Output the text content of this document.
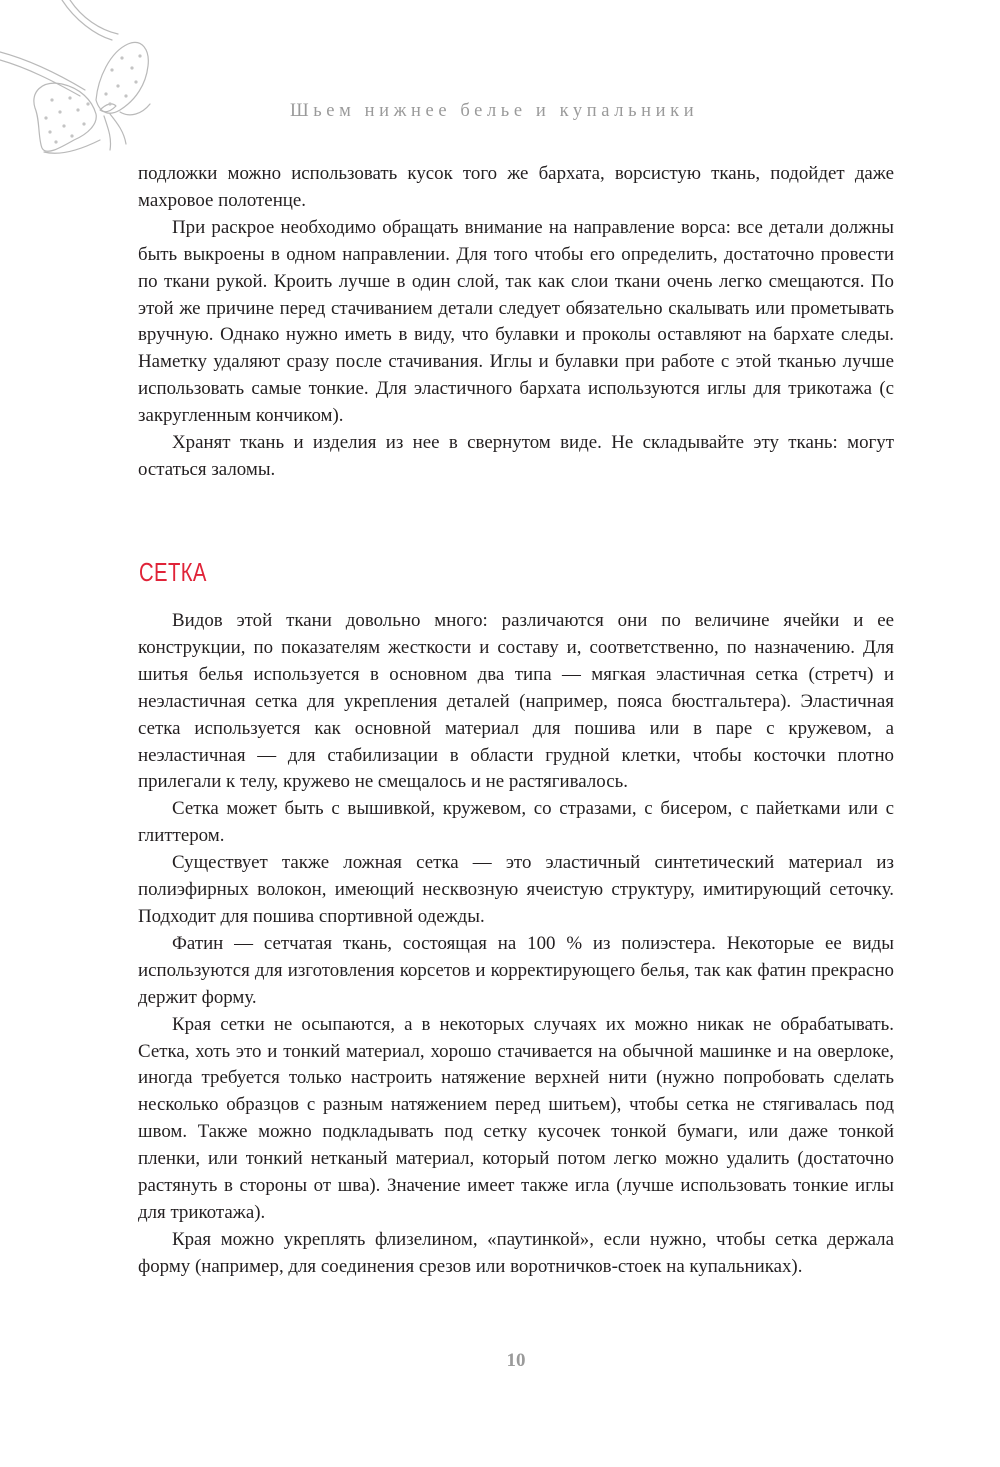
Шьем нижнее белье и купальники

подложки можно использовать кусок того же бархата, ворсистую ткань, подойдет даже махровое полотенце.

При раскрое необходимо обращать внимание на направление ворса: все детали должны быть выкроены в одном направлении. Для того чтобы его определить, достаточно провести по ткани рукой. Кроить лучше в один слой, так как слои ткани очень легко смещаются. По этой же причине перед стачиванием детали следует обязательно скалывать или прометывать вручную. Однако нужно иметь в виду, что булавки и проколы оставляют на бархате следы. Наметку удаляют сразу после стачивания. Иглы и булавки при работе с этой тканью лучше использовать самые тонкие. Для эластичного бархата используются иглы для трикотажа (с закругленным кончиком).

Хранят ткань и изделия из нее в свернутом виде. Не складывайте эту ткань: могут остаться заломы.

СЕТКА

Видов этой ткани довольно много: различаются они по величине ячейки и ее конструкции, по показателям жесткости и составу и, соответственно, по назначению. Для шитья белья используется в основном два типа — мягкая эластичная сетка (стретч) и неэластичная сетка для укрепления деталей (например, пояса бюстгальтера). Эластичная сетка используется как основной материал для пошива или в паре с кружевом, а неэластичная — для стабилизации в области грудной клетки, чтобы косточки плотно прилегали к телу, кружево не смещалось и не растягивалось.

Сетка может быть с вышивкой, кружевом, со стразами, с бисером, с пайетками или с глиттером.

Существует также ложная сетка — это эластичный синтетический материал из полиэфирных волокон, имеющий несквозную ячеистую структуру, имитирующий сеточку. Подходит для пошива спортивной одежды.

Фатин — сетчатая ткань, состоящая на 100 % из полиэстера. Некоторые ее виды используются для изготовления корсетов и корректирующего белья, так как фатин прекрасно держит форму.

Края сетки не осыпаются, а в некоторых случаях их можно никак не обрабатывать. Сетка, хоть это и тонкий материал, хорошо стачивается на обычной машинке и на оверлоке, иногда требуется только настроить натяжение верхней нити (нужно попробовать сделать несколько образцов с разным натяжением перед шитьем), чтобы сетка не стягивалась под швом. Также можно подкладывать под сетку кусочек тонкой бумаги, или даже тонкой пленки, или тонкий нетканый материал, который потом легко можно удалить (достаточно растянуть в стороны от шва). Значение имеет также игла (лучше использовать тонкие иглы для трикотажа).

Края можно укреплять флизелином, «паутинкой», если нужно, чтобы сетка держала форму (например, для соединения срезов или воротничков-стоек на купальниках).

10
